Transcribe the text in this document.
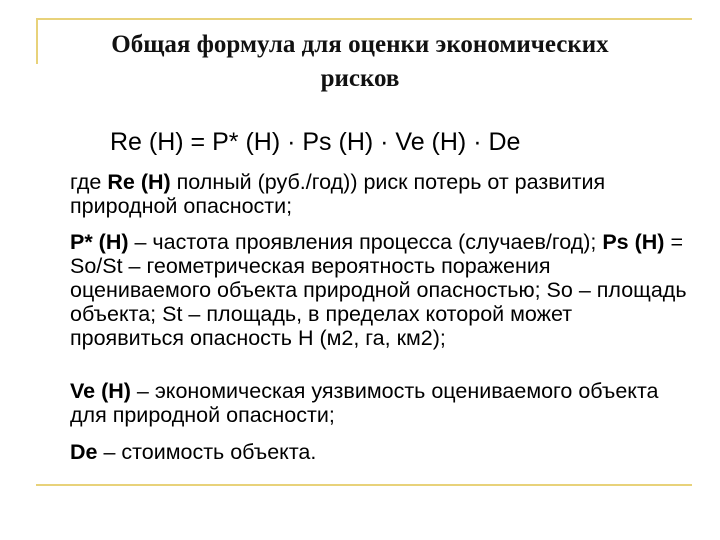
Общая формула для оценки экономических
рисков
Re (H) = P* (H) · Ps (H) · Ve (H) · De
где Re (H) полный (руб./год)) риск потерь от развития природной опасности;
P* (H) – частота проявления процесса (случаев/год); Ps (H) = So/St – геометрическая вероятность поражения оцениваемого объекта природной опасностью; So – площадь объекта; St – площадь, в пределах которой может проявиться опасность H (м2, га, км2);
Ve (H) – экономическая уязвимость оцениваемого объекта для природной опасности;
De – стоимость объекта.
